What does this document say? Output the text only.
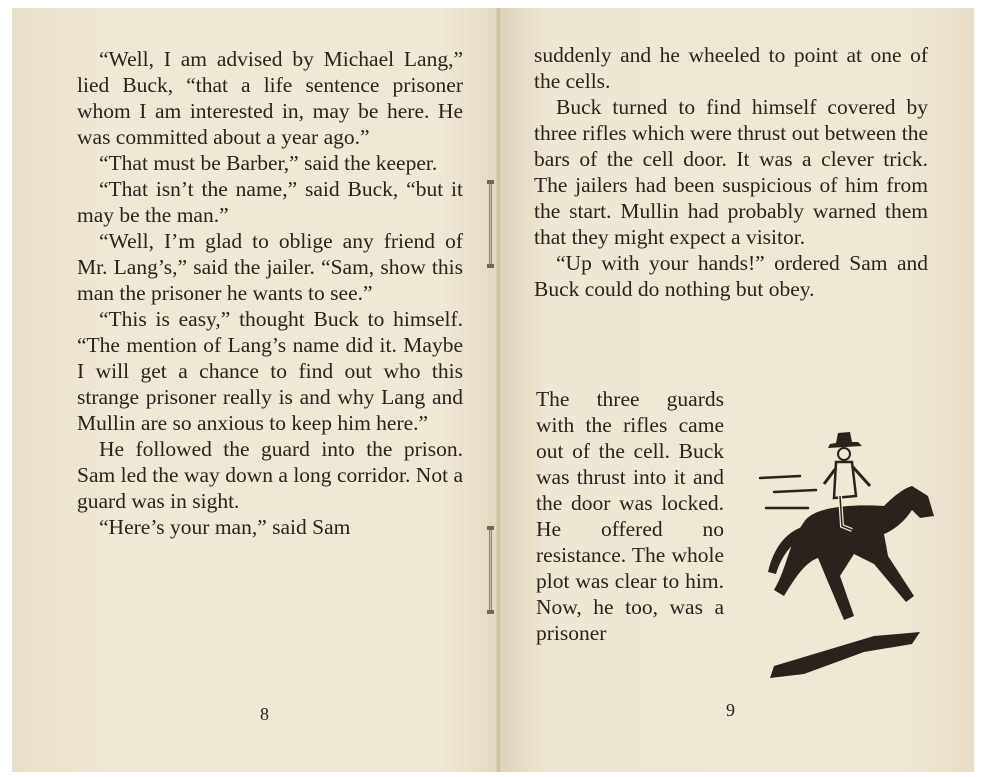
“Well, I am advised by Michael Lang,” lied Buck, “that a life sentence prisoner whom I am interested in, may be here. He was committed about a year ago.”

“That must be Barber,” said the keeper.

“That isn’t the name,” said Buck, “but it may be the man.”

“Well, I’m glad to oblige any friend of Mr. Lang’s,” said the jailer. “Sam, show this man the prisoner he wants to see.”

“This is easy,” thought Buck to himself. “The mention of Lang’s name did it. Maybe I will get a chance to find out who this strange prisoner really is and why Lang and Mullin are so anxious to keep him here.”

He followed the guard into the prison. Sam led the way down a long corridor. Not a guard was in sight.

“Here’s your man,” said Sam

8

suddenly and he wheeled to point at one of the cells.

Buck turned to find himself covered by three rifles which were thrust out between the bars of the cell door. It was a clever trick. The jailers had been suspicious of him from the start. Mullin had probably warned them that they might expect a visitor.

“Up with your hands!” ordered Sam and Buck could do nothing but obey.

The three guards with the rifles came out of the cell. Buck was thrust into it and the door was locked. He offered no resistance. The whole plot was clear to him. Now, he too, was a prisoner

9
